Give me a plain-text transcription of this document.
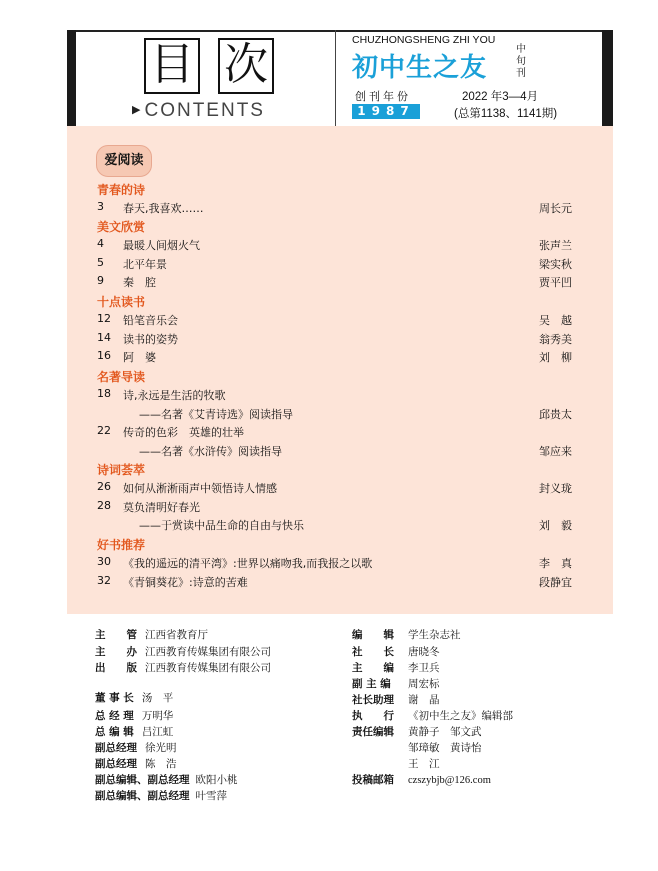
目 次
▶ CONTENTS
CHUZHONGSHENG ZHI YOU
初中生之友
中旬刊
创刊年份
1987
2022 年3—4月
(总第1138、1141期)
爱阅读
青春的诗
3	春天,我喜欢……	周长元
美文欣赏
4	最暖人间烟火气	张声兰
5	北平年景	梁实秋
9	秦　腔	贾平凹
十点读书
12	铅笔音乐会	吴　越
14	读书的姿势	翁秀美
16	阿　婆	刘　柳
名著导读
18	诗,永远是生活的牧歌
——名著《艾青诗选》阅读指导	邱贵太
22	传奇的色彩　英雄的壮举
——名著《水浒传》阅读指导	邹应来
诗词荟萃
26	如何从淅淅雨声中领悟诗人情感	封义珑
28	莫负清明好春光
——于赏读中品生命的自由与快乐	刘　毅
好书推荐
30	《我的遥远的清平湾》:世界以痛吻我,而我报之以歌	李　真
32	《青铜葵花》:诗意的苦难	段静宜
主　　管 江西省教育厅
主　　办 江西教育传媒集团有限公司
出　　版 江西教育传媒集团有限公司
董 事 长 汤　平
总 经 理 万明华
总 编 辑 吕江虹
副总经理 徐光明
副总经理 陈　浩
副总编辑、副总经理 欧阳小桃
副总编辑、副总经理 叶雪萍
编　　辑 学生杂志社
社　　长 唐晓冬
主　　编 李卫兵
副 主 编 周宏标
社长助理 谢　晶
执　　行 《初中生之友》编辑部
责任编辑 黄静子　邹文武
邹璋敏　黄诗怡
王　江
投稿邮箱 czszybjb@126.com
